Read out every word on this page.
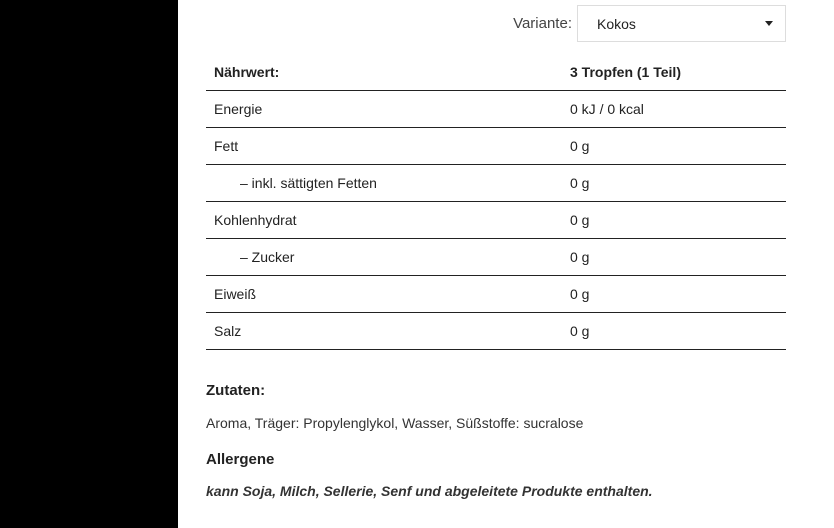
Variante: Kokos
Nährwert:	3 Tropfen (1 Teil)
Energie	0 kJ / 0 kcal
Fett	0 g
– inkl. sättigten Fetten	0 g
Kohlenhydrat	0 g
– Zucker	0 g
Eiweiß	0 g
Salz	0 g
Zutaten:
Aroma, Träger: Propylenglykol, Wasser, Süßstoffe: sucralose
Allergene
kann Soja, Milch, Sellerie, Senf und abgeleitete Produkte enthalten.
